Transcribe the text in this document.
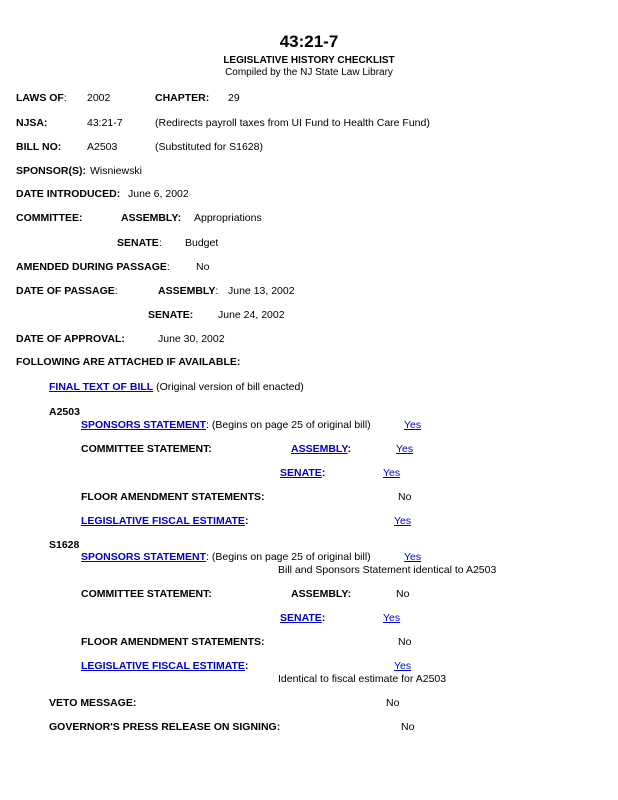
43:21-7
LEGISLATIVE HISTORY CHECKLIST
Compiled by the NJ State Law Library
LAWS OF: 2002	CHAPTER: 29
NJSA:	43:21-7	(Redirects payroll taxes from UI Fund to Health Care Fund)
BILL NO: A2503	(Substituted for S1628)
SPONSOR(S): Wisniewski
DATE INTRODUCED: June 6, 2002
COMMITTEE:	ASSEMBLY: Appropriations
SENATE: Budget
AMENDED DURING PASSAGE: No
DATE OF PASSAGE:	ASSEMBLY: June 13, 2002
SENATE: June 24, 2002
DATE OF APPROVAL:	June 30, 2002
FOLLOWING ARE ATTACHED IF AVAILABLE:
FINAL TEXT OF BILL (Original version of bill enacted)
A2503
SPONSORS STATEMENT: (Begins on page 25 of original bill)	Yes
COMMITTEE STATEMENT:	ASSEMBLY:	Yes
SENATE:	Yes
FLOOR AMENDMENT STATEMENTS:	No
LEGISLATIVE FISCAL ESTIMATE:	Yes
S1628
SPONSORS STATEMENT: (Begins on page 25 of original bill)	Yes
Bill and Sponsors Statement identical to A2503
COMMITTEE STATEMENT:	ASSEMBLY:	No
SENATE:	Yes
FLOOR AMENDMENT STATEMENTS:	No
LEGISLATIVE FISCAL ESTIMATE:	Yes
Identical to fiscal estimate for A2503
VETO MESSAGE:	No
GOVERNOR'S PRESS RELEASE ON SIGNING:	No
